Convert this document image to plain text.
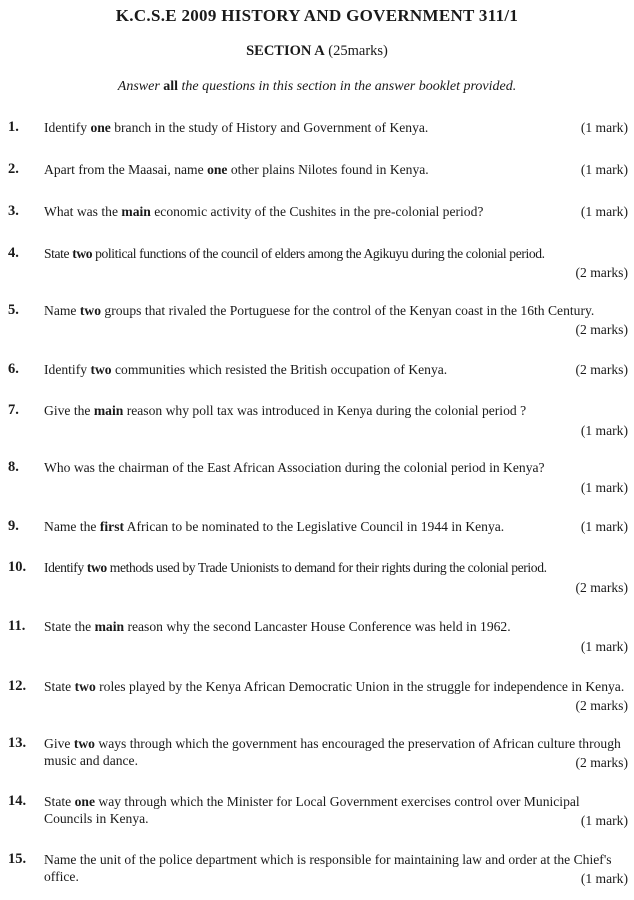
K.C.S.E 2009 HISTORY AND GOVERNMENT 311/1
SECTION A (25marks)
Answer all the questions in this section in the answer booklet provided.
1. Identify one branch in the study of History and Government of Kenya.	(1 mark)
2. Apart from the Maasai, name one other plains Nilotes found in Kenya.	(1 mark)
3. What was the main economic activity of the Cushites in the pre-colonial period?	(1 mark)
4. State two political functions of the council of elders among the Agikuyu during the colonial period.
(2 marks)
5. Name two groups that rivaled the Portuguese for the control of the Kenyan coast in the 16th Century.
(2 marks)
6. Identify two communities which resisted the British occupation of Kenya.	(2 marks)
7. Give the main reason why poll tax was introduced in Kenya during the colonial period ?
(1 mark)
8. Who was the chairman of the East African Association during the colonial period in Kenya?
(1 mark)
9. Name the first African to be nominated to the Legislative Council in 1944 in Kenya.	(1 mark)
10. Identify two methods used by Trade Unionists to demand for their rights during the colonial period.
(2 marks)
11. State the main reason why the second Lancaster House Conference was held in 1962.
(1 mark)
12. State two roles played by the Kenya African Democratic Union in the struggle for independence in Kenya.
(2 marks)
13. Give two ways through which the government has encouraged the preservation of African culture through music and dance.	(2 marks)
14. State one way through which the Minister for Local Government exercises control over Municipal Councils in Kenya.	(1 mark)
15. Name the unit of the police department which is responsible for maintaining law and order at the Chief's office.	(1 mark)
